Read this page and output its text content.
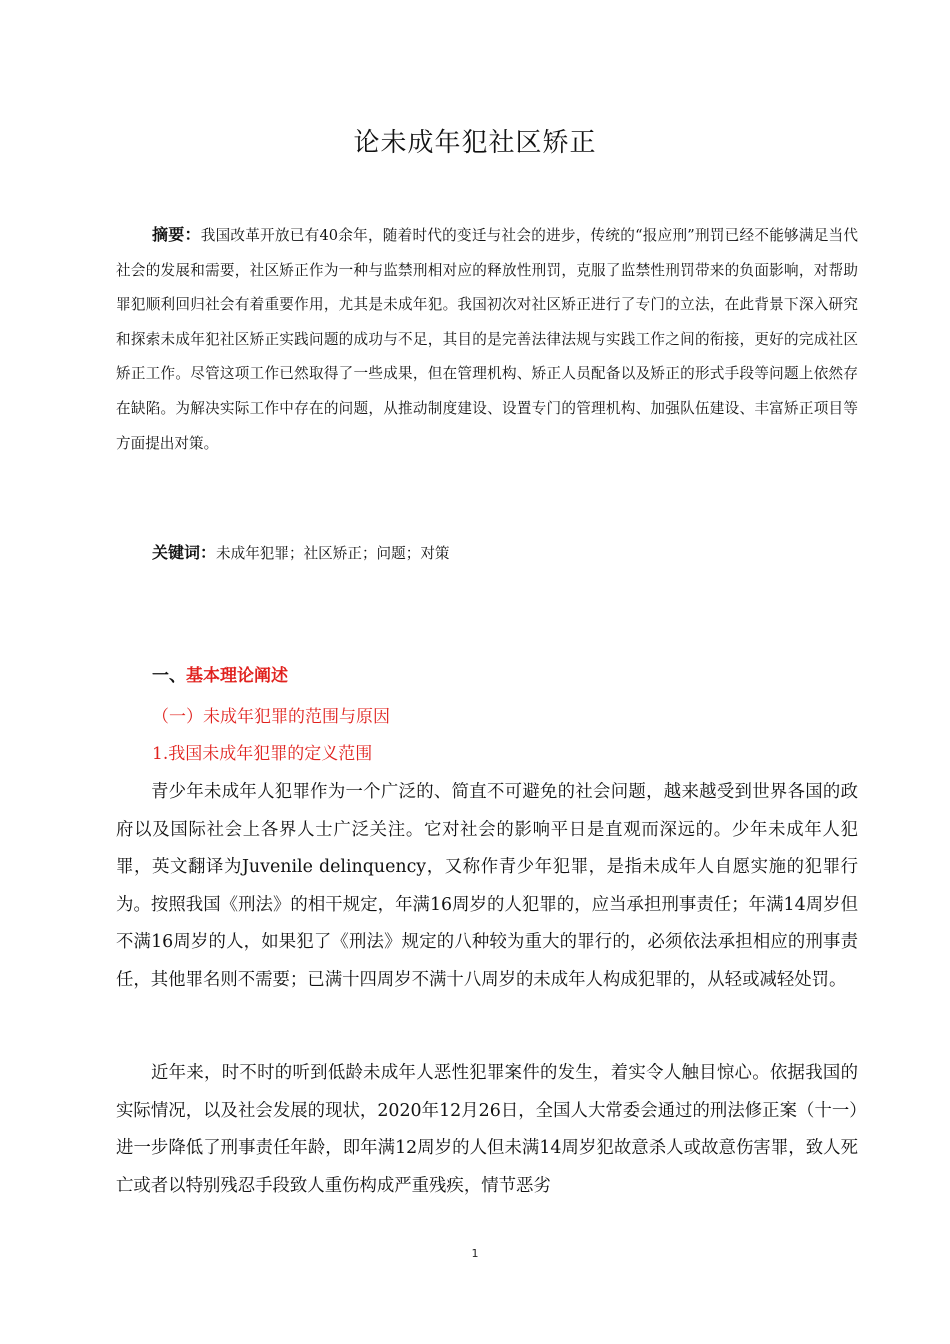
论未成年犯社区矫正

摘要：我国改革开放已有40余年，随着时代的变迁与社会的进步，传统的“报应刑”刑罚已经不能够满足当代社会的发展和需要，社区矫正作为一种与监禁刑相对应的释放性刑罚，克服了监禁性刑罚带来的负面影响，对帮助罪犯顺利回归社会有着重要作用，尤其是未成年犯。我国初次对社区矫正进行了专门的立法，在此背景下深入研究和探索未成年犯社区矫正实践问题的成功与不足，其目的是完善法律法规与实践工作之间的衔接，更好的完成社区矫正工作。尽管这项工作已然取得了一些成果，但在管理机构、矫正人员配备以及矫正的形式手段等问题上依然存在缺陷。为解决实际工作中存在的问题，从推动制度建设、设置专门的管理机构、加强队伍建设、丰富矫正项目等方面提出对策。

关键词：未成年犯罪；社区矫正；问题；对策

一、基本理论阐述

（一）未成年犯罪的范围与原因

1.我国未成年犯罪的定义范围

青少年未成年人犯罪作为一个广泛的、简直不可避免的社会问题，越来越受到世界各国的政府以及国际社会上各界人士广泛关注。它对社会的影响平日是直观而深远的。少年未成年人犯罪，英文翻译为Juvenile delinquency，又称作青少年犯罪，是指未成年人自愿实施的犯罪行为。按照我国《刑法》的相干规定，年满16周岁的人犯罪的，应当承担刑事责任；年满14周岁但不满16周岁的人，如果犯了《刑法》规定的八种较为重大的罪行的，必须依法承担相应的刑事责任，其他罪名则不需要；已满十四周岁不满十八周岁的未成年人构成犯罪的，从轻或减轻处罚。

近年来，时不时的听到低龄未成年人恶性犯罪案件的发生，着实令人触目惊心。依据我国的实际情况，以及社会发展的现状，2020年12月26日，全国人大常委会通过的刑法修正案（十一）进一步降低了刑事责任年龄，即年满12周岁的人但未满14周岁犯故意杀人或故意伤害罪，致人死亡或者以特别残忍手段致人重伤构成严重残疾，情节恶劣

1
